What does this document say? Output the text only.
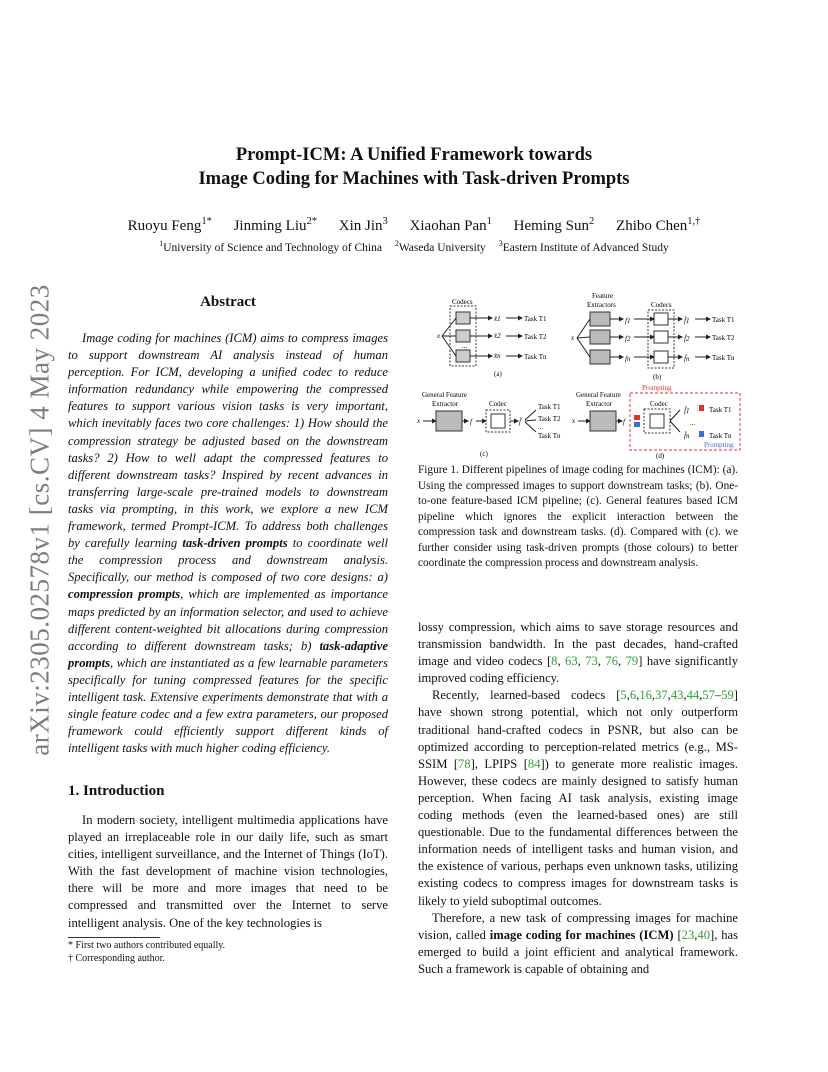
arXiv:2305.02578v1 [cs.CV] 4 May 2023
Prompt-ICM: A Unified Framework towards
Image Coding for Machines with Task-driven Prompts
Ruoyu Feng$^{1*}$ Jinming Liu$^{2*}$ Xin Jin$^3$ Xiaohan Pan$^1$ Heming Sun$^2$ Zhibo Chen$^{1,\dagger}$
$^1$University of Science and Technology of China $^2$Waseda University $^3$Eastern Institute of Advanced Study
Abstract
Image coding for machines (ICM) aims to compress images to support downstream AI analysis instead of human perception. For ICM, developing a unified codec to reduce information redundancy while empowering the compressed features to support various vision tasks is very important, which inevitably faces two core challenges: 1) How should the compression strategy be adjusted based on the downstream tasks? 2) How to well adapt the compressed features to different downstream tasks? Inspired by recent advances in transferring large-scale pre-trained models to downstream tasks via prompting, in this work, we explore a new ICM framework, termed Prompt-ICM. To address both challenges by carefully learning task-driven prompts to coordinate well the compression process and downstream analysis. Specifically, our method is composed of two core designs: a) compression prompts, which are implemented as importance maps predicted by an information selector, and used to achieve different content-weighted bit allocations during compression according to different downstream tasks; b) task-adaptive prompts, which are instantiated as a few learnable parameters specifically for tuning compressed features for the specific intelligent task. Extensive experiments demonstrate that with a single feature codec and a few extra parameters, our proposed framework could efficiently support different kinds of intelligent tasks with much higher coding efficiency.
1. Introduction
In modern society, intelligent multimedia applications have played an irreplaceable role in our daily life, such as smart cities, intelligent surveillance, and the Internet of Things (IoT). With the fast development of machine vision technologies, there will be more and more images that need to be compressed and transmitted over the Internet to serve intelligent analysis. One of the key technologies is
* First two authors contributed equally.
† Corresponding author.
Codecs
x
x̂1
x̂2
x̂n
Task T1
Task T2
Task Tn
...
(a)
Feature
Extractors	Codecs
x
f1
f2
fn
f̂1
f̂2
f̂n
Task T1
Task T2
Task Tn
(b)
General Feature
Extractor	Codec
x	f	f̂
Task T1
Task T2
Task Tn
...
(c)
General Feature
Extractor
Prompting
Codec
x	f
f̂1
f̂n
Task T1
Task Tn
...
Prompting
(d)
Figure 1. Different pipelines of image coding for machines (ICM): (a). Using the compressed images to support downstream tasks; (b). One-to-one feature-based ICM pipeline; (c). General features based ICM pipeline which ignores the explicit interaction between the compression task and downstream tasks. (d). Compared with (c). we further consider using task-driven prompts (those colours) to better coordinate the compression process and downstream analysis.

lossy compression, which aims to save storage resources and transmission bandwidth. In the past decades, hand-crafted image and video codecs [8, 63, 73, 76, 79] have significantly improved coding efficiency.

Recently, learned-based codecs [5,6,16,37,43,44,57–59] have shown strong potential, which not only outperform traditional hand-crafted codecs in PSNR, but also can be optimized according to perception-related metrics (e.g., MS-SSIM [78], LPIPS [84]) to generate more realistic images. However, these codecs are mainly designed to satisfy human perception. When facing AI task analysis, existing image coding methods (even the learned-based ones) are still questionable. Due to the fundamental differences between the information needs of intelligent tasks and human vision, and the existence of various, perhaps even unknown tasks, utilizing existing codecs to compress images for downstream tasks is likely to yield suboptimal outcomes.

Therefore, a new task of compressing images for machine vision, called image coding for machines (ICM) [23,40], has emerged to build a joint efficient and analytical framework. Such a framework is capable of obtaining and
